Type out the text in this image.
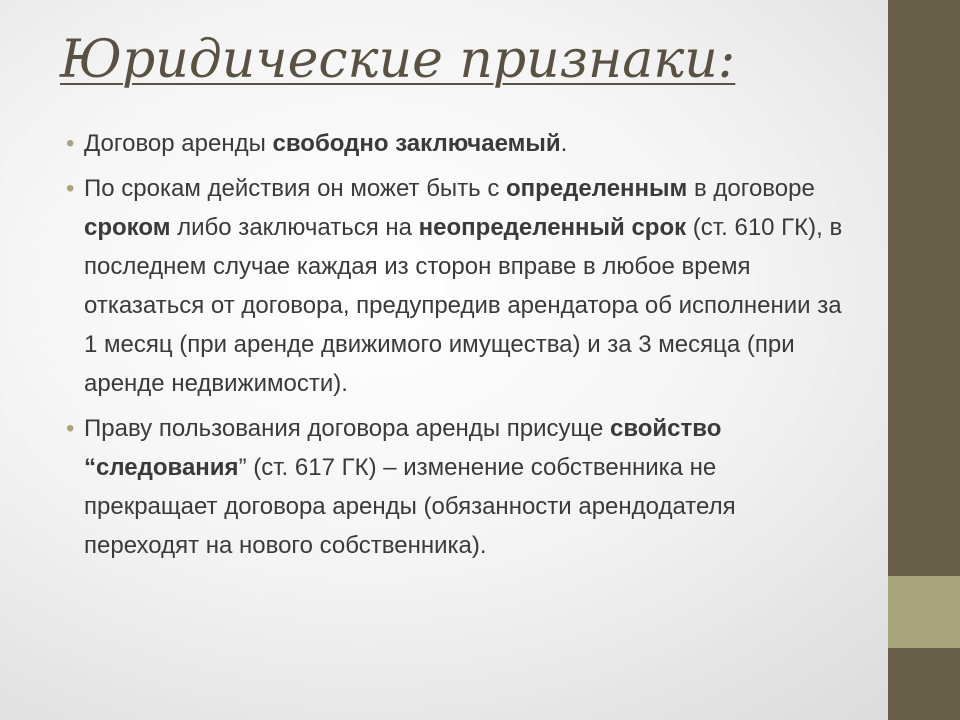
Юридические признаки:
• Договор аренды свободно заключаемый.
• По срокам действия он может быть с определенным в договоре сроком либо заключаться на неопределенный срок (ст. 610 ГК), в последнем случае каждая из сторон вправе в любое время отказаться от договора, предупредив арендатора об исполнении за 1 месяц (при аренде движимого имущества) и за 3 месяца (при аренде недвижимости).
• Праву пользования договора аренды присуще свойство “следования” (ст. 617 ГК) – изменение собственника не прекращает договора аренды (обязанности арендодателя переходят на нового собственника).
